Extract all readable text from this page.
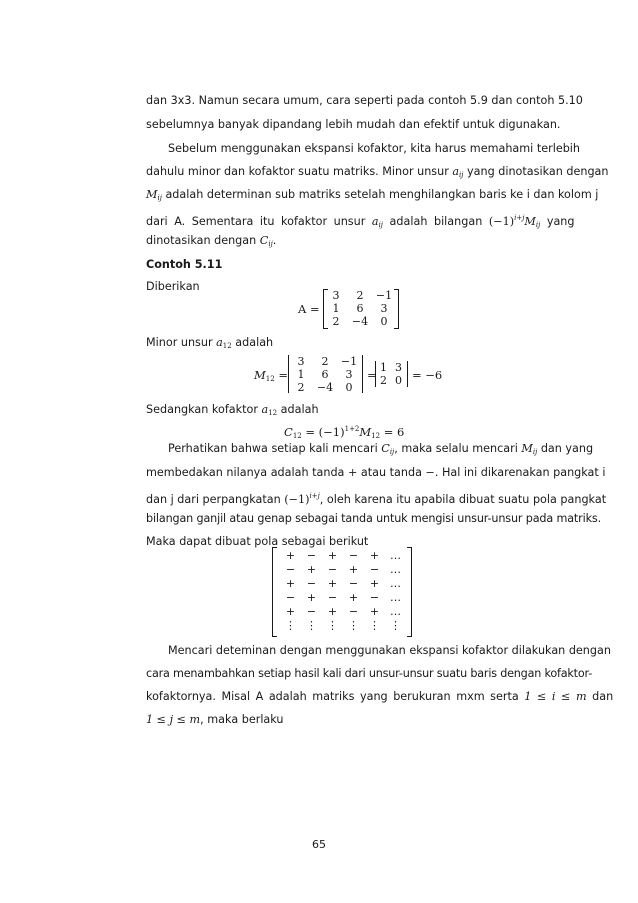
dan 3x3. Namun secara umum, cara seperti pada contoh 5.9 dan contoh 5.10
sebelumnya banyak dipandang lebih mudah dan efektif untuk digunakan.
Sebelum menggunakan ekspansi kofaktor, kita harus memahami terlebih
dahulu minor dan kofaktor suatu matriks. Minor unsur $a_{ij}$ yang dinotasikan dengan
$M_{ij}$ adalah determinan sub matriks setelah menghilangkan baris ke i dan kolom j
dari A. Sementara itu kofaktor unsur $a_{ij}$ adalah bilangan $(-1)^{i+j}M_{ij}$ yang
dinotasikan dengan $C_{ij}$.
Contoh 5.11
Diberikan
A =
3	2	−1
1	6	3
2	−4	0
Minor unsur $a_{12}$ adalah
$M_{12}$ =
3	2	−1
1	6	3
2	−4	0
=
1 3
2 0 = −6
Sedangkan kofaktor $a_{12}$ adalah
$C_{12} = (-1)^{1+2}M_{12} = 6$
Perhatikan bahwa setiap kali mencari $C_{ij}$, maka selalu mencari $M_{ij}$ dan yang
membedakan nilanya adalah tanda + atau tanda −. Hal ini dikarenakan pangkat i
dan j dari perpangkatan $(-1)^{i+j}$, oleh karena itu apabila dibuat suatu pola pangkat
bilangan ganjil atau genap sebagai tanda untuk mengisi unsur-unsur pada matriks.
Maka dapat dibuat pola sebagai berikut
+	−	+	−	+ …
−	+	−	+	− …
+	−	+	−	+ …
−	+	−	+	− …
+	−	+	−	+ …
⋮ ⋮ ⋮ ⋮ ⋮ ⋮
Mencari deteminan dengan menggunakan ekspansi kofaktor dilakukan dengan
cara menambahkan setiap hasil kali dari unsur-unsur suatu baris dengan kofaktor-
kofaktornya. Misal A adalah matriks yang berukuran mxm serta 1 ≤ i ≤ m dan
1 ≤ j ≤ m, maka berlaku
65
